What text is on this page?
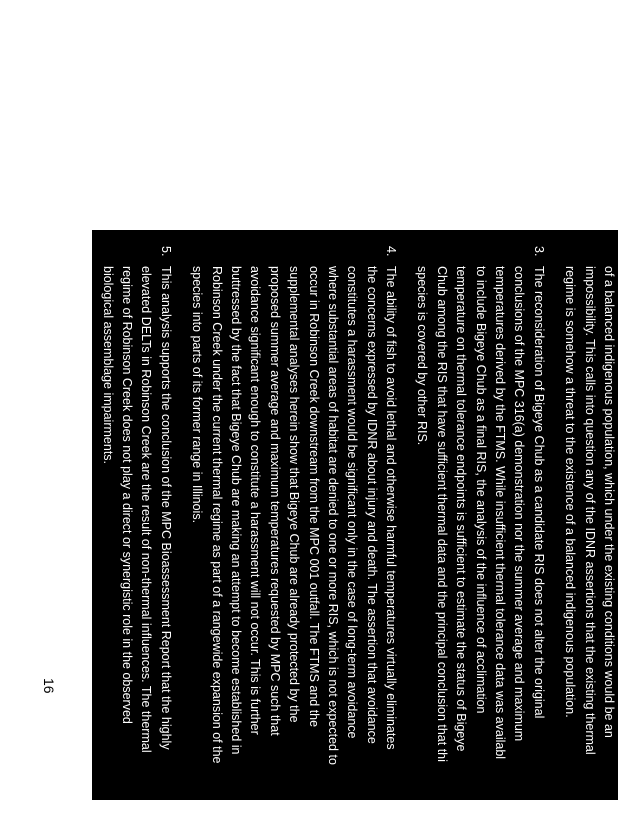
of a balanced indigenous population, which under the existing conditions would be an
impossibility. This calls into question any of the IDNR assertions that the existing thermal
regime is somehow a threat to the existence of a balanced indigenous population.
3.
The reconsideration of Bigeye Chub as a candidate RIS does not alter the original
conclusions of the MPC 316(a) demonstration nor the summer average and maximum
temperatures derived by the FTMS. While insufficient thermal tolerance data was availabl
to include Bigeye Chub as a final RIS, the analysis of the influence of acclimation
temperature on thermal tolerance endpoints is sufficient to estimate the status of Bigeye
Chub among the RIS that have sufficient thermal data and the principal conclusion that thi
species is covered by other RIS.
4.
The ability of fish to avoid lethal and otherwise harmful temperatures virtually eliminates
the concerns expressed by IDNR about injury and death. The assertion that avoidance
constitutes a harassment would be significant only in the case of long-term avoidance
where substantial areas of habitat are denied to one or more RIS, which is not expected to
occur in Robinson Creek downstream from the MPC 001 outfall. The FTMS and the
supplemental analyses herein show that Bigeye Chub are already protected by the
proposed summer average and maximum temperatures requested by MPC such that
avoidance significant enough to constitute a harassment will not occur. This is further
buttressed by the fact that Bigeye Chub are making an attempt to become established in
Robinson Creek under the current thermal regime as part of a rangewide expansion of the
species into parts of its former range in Illinois.
5.
This analysis supports the conclusion of the MPC Bioassessment Report that the highly
elevated DELTs in Robinson Creek are the result of non-thermal influences. The thermal
regime of Robinson Creek does not play a direct or synergistic role in the observed
biological assemblage impairments.
16
